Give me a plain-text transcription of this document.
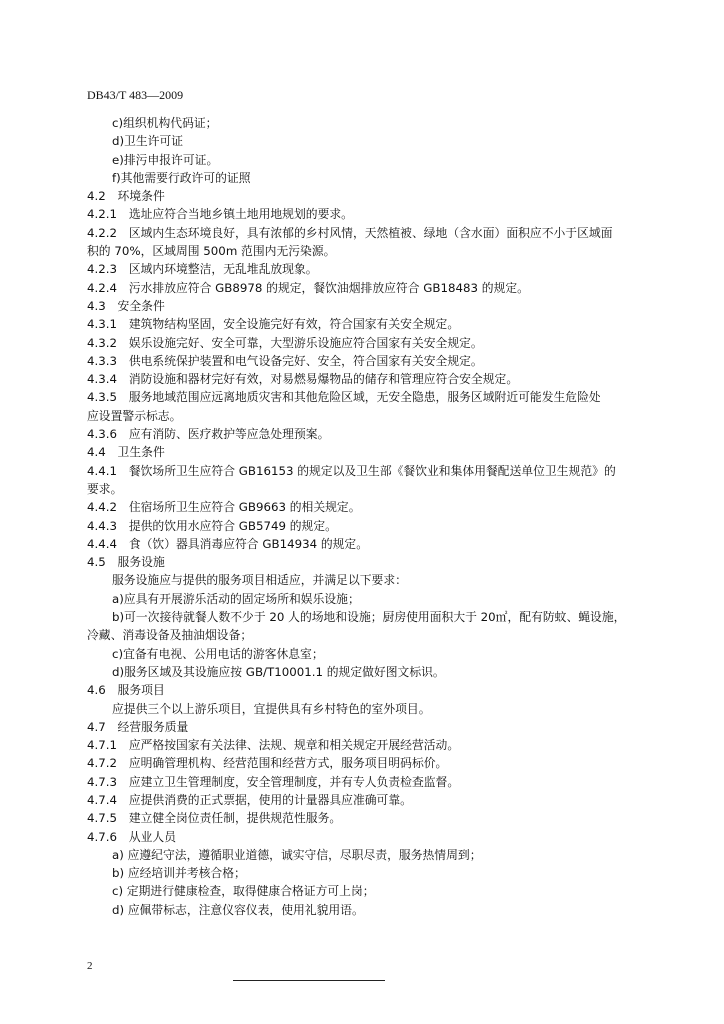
DB43/T 483—2009
c)组织机构代码证；
d)卫生许可证
e)排污申报许可证。
f)其他需要行政许可的证照
4.2　环境条件
4.2.1　选址应符合当地乡镇土地用地规划的要求。
4.2.2　区域内生态环境良好，具有浓郁的乡村风情，天然植被、绿地（含水面）面积应不小于区域面
积的 70%，区域周围 500m 范围内无污染源。
4.2.3　区域内环境整洁，无乱堆乱放现象。
4.2.4　污水排放应符合 GB8978 的规定，餐饮油烟排放应符合 GB18483 的规定。
4.3　安全条件
4.3.1　建筑物结构坚固，安全设施完好有效，符合国家有关安全规定。
4.3.2　娱乐设施完好、安全可靠，大型游乐设施应符合国家有关安全规定。
4.3.3　供电系统保护装置和电气设备完好、安全，符合国家有关安全规定。
4.3.4　消防设施和器材完好有效，对易燃易爆物品的储存和管理应符合安全规定。
4.3.5　服务地域范围应远离地质灾害和其他危险区域，无安全隐患，服务区域附近可能发生危险处
应设置警示标志。
4.3.6　应有消防、医疗救护等应急处理预案。
4.4　卫生条件
4.4.1　餐饮场所卫生应符合 GB16153 的规定以及卫生部《餐饮业和集体用餐配送单位卫生规范》的
要求。
4.4.2　住宿场所卫生应符合 GB9663 的相关规定。
4.4.3　提供的饮用水应符合 GB5749 的规定。
4.4.4　食（饮）器具消毒应符合 GB14934 的规定。
4.5　服务设施
服务设施应与提供的服务项目相适应，并满足以下要求：
a)应具有开展游乐活动的固定场所和娱乐设施；
b)可一次接待就餐人数不少于 20 人的场地和设施；厨房使用面积大于 20㎡，配有防蚊、蝇设施，
冷藏、消毒设备及抽油烟设备；
c)宜备有电视、公用电话的游客休息室；
d)服务区域及其设施应按 GB/T10001.1 的规定做好图文标识。
4.6　服务项目
应提供三个以上游乐项目，宜提供具有乡村特色的室外项目。
4.7　经营服务质量
4.7.1　应严格按国家有关法律、法规、规章和相关规定开展经营活动。
4.7.2　应明确管理机构、经营范围和经营方式，服务项目明码标价。
4.7.3　应建立卫生管理制度，安全管理制度，并有专人负责检查监督。
4.7.4　应提供消费的正式票据，使用的计量器具应准确可靠。
4.7.5　建立健全岗位责任制，提供规范性服务。
4.7.6　从业人员
a) 应遵纪守法，遵循职业道德，诚实守信，尽职尽责，服务热情周到；
b) 应经培训并考核合格；
c) 定期进行健康检查，取得健康合格证方可上岗；
d) 应佩带标志，注意仪容仪表，使用礼貌用语。
2
